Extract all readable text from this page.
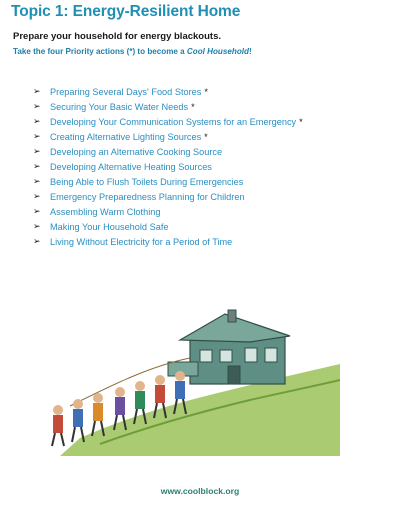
Topic 1: Energy-Resilient Home
Prepare your household for energy blackouts.
Take the four Priority actions (*) to become a Cool Household!
➢	Preparing Several Days' Food Stores *
➢	Securing Your Basic Water Needs *
➢	Developing Your Communication Systems for an Emergency *
➢	Creating Alternative Lighting Sources *
➢	Developing an Alternative Cooking Source
➢	Developing Alternative Heating Sources
➢	Being Able to Flush Toilets During Emergencies
➢	Emergency Preparedness Planning for Children
➢	Assembling Warm Clothing
➢	Making Your Household Safe
➢	Living Without Electricity for a Period of Time
www.coolblock.org
